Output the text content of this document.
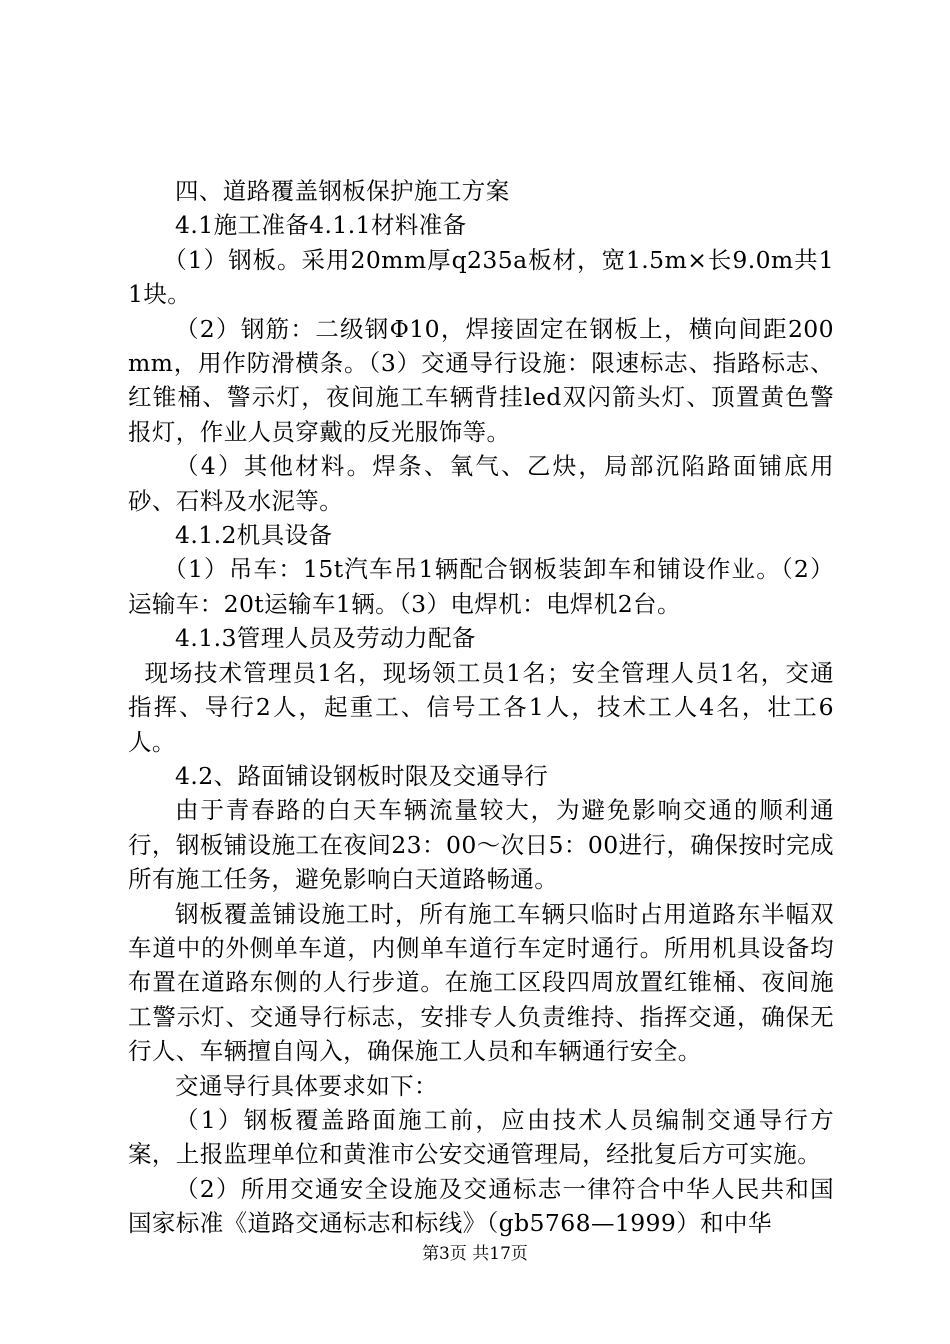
四、道路覆盖钢板保护施工方案

4.1施工准备4.1.1材料准备

（1）钢板。采用20mm厚q235a板材，宽1.5m×长9.0m共11块。

（2）钢筋：二级钢Φ10，焊接固定在钢板上，横向间距200mm，用作防滑横条。（3）交通导行设施：限速标志、指路标志、红锥桶、警示灯，夜间施工车辆背挂led双闪箭头灯、顶置黄色警报灯，作业人员穿戴的反光服饰等。

（4）其他材料。焊条、氧气、乙炔，局部沉陷路面铺底用砂、石料及水泥等。

4.1.2机具设备

（1）吊车：15t汽车吊1辆配合钢板装卸车和铺设作业。（2）运输车：20t运输车1辆。（3）电焊机：电焊机2台。

4.1.3管理人员及劳动力配备

现场技术管理员1名，现场领工员1名；安全管理人员1名，交通指挥、导行2人，起重工、信号工各1人，技术工人4名，壮工6人。

4.2、路面铺设钢板时限及交通导行

由于青春路的白天车辆流量较大，为避免影响交通的顺利通行，钢板铺设施工在夜间23：00～次日5：00进行，确保按时完成所有施工任务，避免影响白天道路畅通。

钢板覆盖铺设施工时，所有施工车辆只临时占用道路东半幅双车道中的外侧单车道，内侧单车道行车定时通行。所用机具设备均布置在道路东侧的人行步道。在施工区段四周放置红锥桶、夜间施工警示灯、交通导行标志，安排专人负责维持、指挥交通，确保无行人、车辆擅自闯入，确保施工人员和车辆通行安全。

交通导行具体要求如下：

（1）钢板覆盖路面施工前，应由技术人员编制交通导行方案，上报监理单位和黄淮市公安交通管理局，经批复后方可实施。

（2）所用交通安全设施及交通标志一律符合中华人民共和国国家标准《道路交通标志和标线》（gb5768—1999）和中华

第3页 共17页
